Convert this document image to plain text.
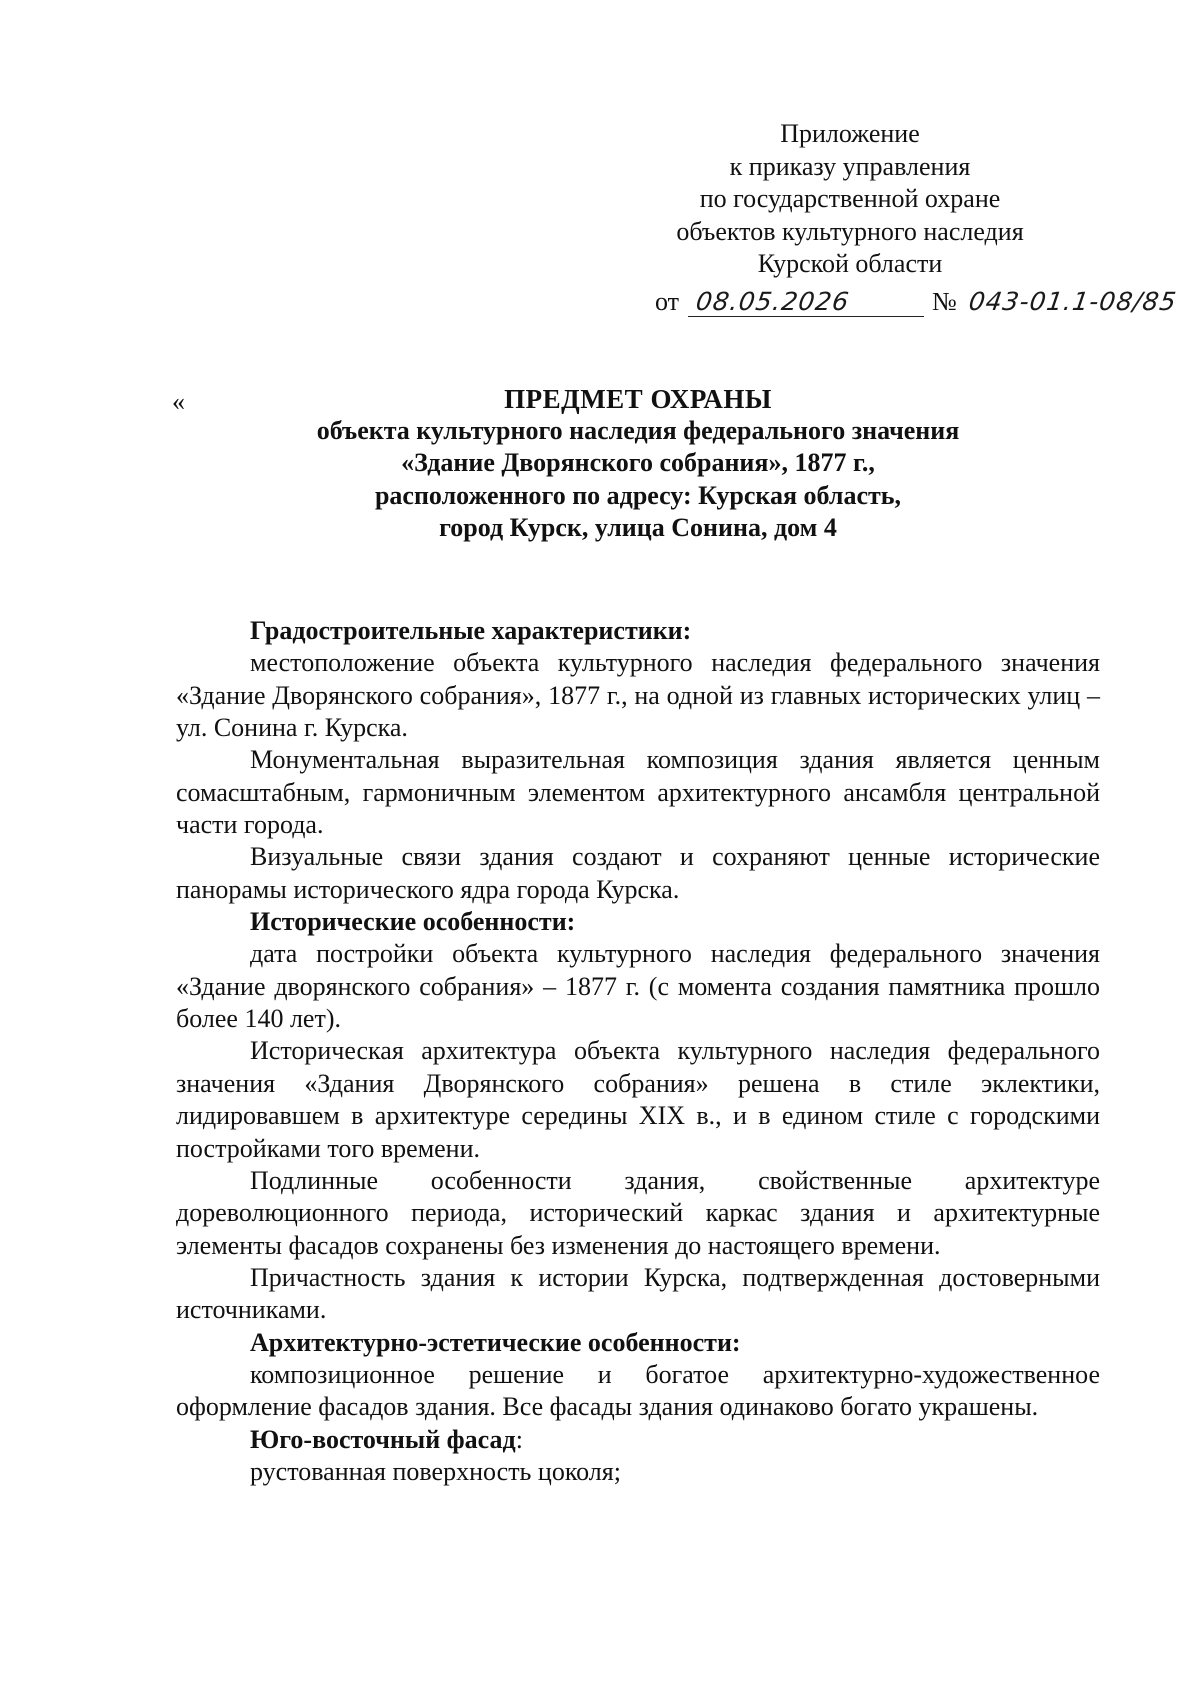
Приложение
к приказу управления
по государственной охране
объектов культурного наследия
Курской области
от 08.05.2026	№ 043-01.1-08/85
«	ПРЕДМЕТ ОХРАНЫ
объекта культурного наследия федерального значения
«Здание Дворянского собрания», 1877 г.,
расположенного по адресу: Курская область,
город Курск, улица Сонина, дом 4
Градостроительные характеристики:

местоположение объекта культурного наследия федерального значения «Здание Дворянского собрания», 1877 г., на одной из главных исторических улиц – ул. Сонина г. Курска.

Монументальная выразительная композиция здания является ценным сомасштабным, гармоничным элементом архитектурного ансамбля центральной части города.

Визуальные связи здания создают и сохраняют ценные исторические панорамы исторического ядра города Курска.

Исторические особенности:

дата постройки объекта культурного наследия федерального значения «Здание дворянского собрания» – 1877 г. (с момента создания памятника прошло более 140 лет).

Историческая архитектура объекта культурного наследия федерального значения «Здания Дворянского собрания» решена в стиле эклектики, лидировавшем в архитектуре середины XIX в., и в едином стиле с городскими постройками того времени.

Подлинные особенности здания, свойственные архитектуре дореволюционного периода, исторический каркас здания и архитектурные элементы фасадов сохранены без изменения до настоящего времени.

Причастность здания к истории Курска, подтвержденная достоверными источниками.

Архитектурно-эстетические особенности:

композиционное решение и богатое архитектурно-художественное оформление фасадов здания. Все фасады здания одинаково богато украшены.

Юго-восточный фасад:
рустованная поверхность цоколя;
